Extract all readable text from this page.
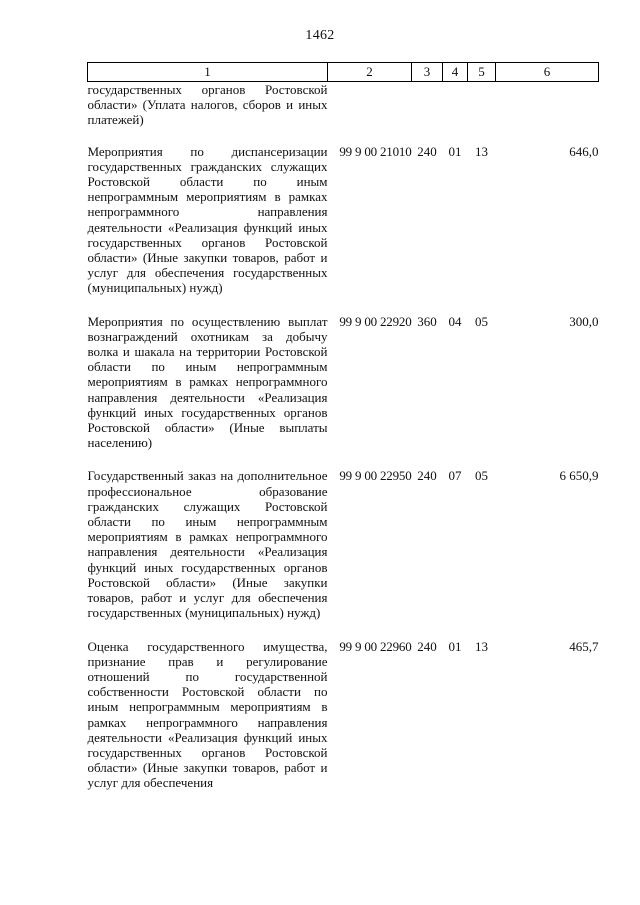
1462
1	2	3	4	5	6
государственных органов Ростовской области» (Уплата налогов, сборов и иных платежей)					
Мероприятия по диспансеризации государственных гражданских служащих Ростовской области по иным непрограммным мероприятиям в рамках непрограммного направления деятельности «Реализация функций иных государственных органов Ростовской области» (Иные закупки товаров, работ и услуг для обеспечения государственных (муниципальных) нужд)	99 9 00 21010	240	01	13	646,0
Мероприятия по осуществлению выплат вознаграждений охотникам за добычу волка и шакала на территории Ростовской области по иным непрограммным мероприятиям в рамках непрограммного направления деятельности «Реализация функций иных государственных органов Ростовской области» (Иные выплаты населению)	99 9 00 22920	360	04	05	300,0
Государственный заказ на дополнительное профессиональное образование гражданских служащих Ростовской области по иным непрограммным мероприятиям в рамках непрограммного направления деятельности «Реализация функций иных государственных органов Ростовской области» (Иные закупки товаров, работ и услуг для обеспечения государственных (муниципальных) нужд)	99 9 00 22950	240	07	05	6 650,9
Оценка государственного имущества, признание прав и регулирование отношений по государственной собственности Ростовской области по иным непрограммным мероприятиям в рамках непрограммного направления деятельности «Реализация функций иных государственных органов Ростовской области» (Иные закупки товаров, работ и услуг для обеспечения	99 9 00 22960	240	01	13	465,7
